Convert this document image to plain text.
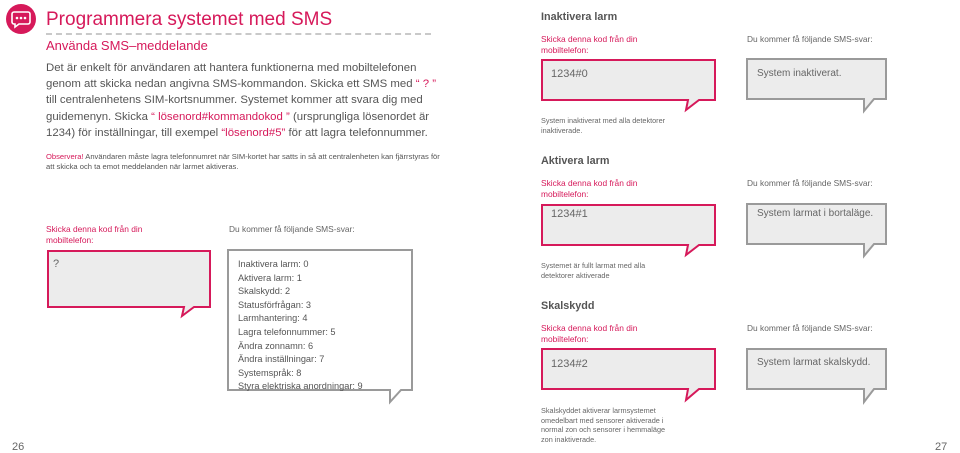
Programmera systemet med SMS
Använda SMS–meddelande
Det är enkelt för användaren att hantera funktionerna med mobiltelefonen genom att skicka nedan angivna SMS-kommandon. Skicka ett SMS med “ ? ” till centralenhetens SIM-kortsnummer. Systemet kommer att svara dig med guidemenyn. Skicka “ lösenord#kommandokod ” (ursprungliga lösenordet är 1234) för inställningar, till exempel “lösenord#5” för att lagra telefonnummer.
Observera! Användaren måste lagra telefonnumret när SIM-kortet har satts in så att centralenheten kan fjärrstyras för att skicka och ta emot meddelanden när larmet aktiveras.
Skicka denna kod från din mobiltelefon:
Du kommer få följande SMS-svar:
?	Inaktivera larm: 0
Aktivera larm: 1
Skalskydd: 2
Statusförfrågan: 3
Larmhantering: 4
Lagra telefonnummer: 5
Ändra zonnamn: 6
Ändra inställningar: 7
Systemspråk: 8
Styra elektriska anordningar: 9
26
Inaktivera larm
Skicka denna kod från din mobiltelefon:
Du kommer få följande SMS-svar:
1234#0	System inaktiverat.
System inaktiverat med alla detektorer inaktiverade.
Aktivera larm
Skicka denna kod från din mobiltelefon:
Du kommer få följande SMS-svar:
1234#1	System larmat i bortaläge.
Systemet är fullt larmat med alla detektorer aktiverade
Skalskydd
Skicka denna kod från din mobiltelefon:
Du kommer få följande SMS-svar:
1234#2	System larmat skalskydd.
Skalskyddet aktiverar larmsystemet omedelbart med sensorer aktiverade i normal zon och sensorer i hemmaläge zon inaktiverade.
27
